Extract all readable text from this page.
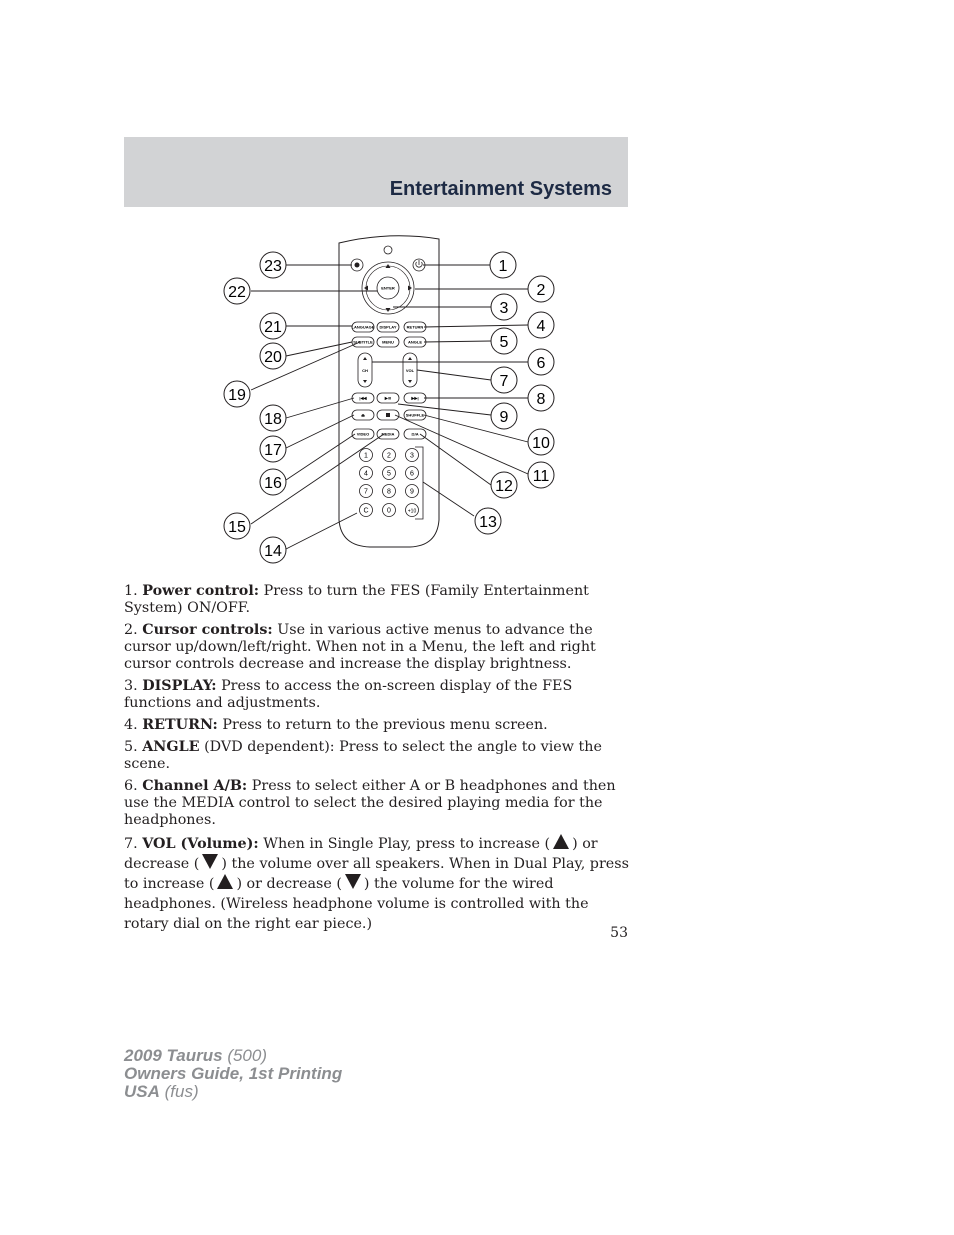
Entertainment Systems
ENTER
LANGUAGE DISPLAY	RETURN
SUBTITLE MENU	ANGLE
CH	VOL
|◀◀	▶/II	▶▶|
⏏	SHUFFLE
VIDEO	MEDIA	Ω/A
1	2	3
4	5	6
7	8	9
C	0	+10
1
2
3
4
5
6
7
8
9
10
11
12
13
14
15
16
17
18
19
20
21
22
23

1. Power control: Press to turn the FES (Family Entertainment System) ON/OFF.

2. Cursor controls: Use in various active menus to advance the cursor up/down/left/right. When not in a Menu, the left and right cursor controls decrease and increase the display brightness.

3. DISPLAY: Press to access the on-screen display of the FES functions and adjustments.

4. RETURN: Press to return to the previous menu screen.

5. ANGLE (DVD dependent): Press to select the angle to view the scene.

6. Channel A/B: Press to select either A or B headphones and then use the MEDIA control to select the desired playing media for the headphones.

7. VOL (Volume): When in Single Play, press to increase ( ) or decrease ( ) the volume over all speakers. When in Dual Play, press to increase ( ) or decrease ( ) the volume for the wired headphones. (Wireless headphone volume is controlled with the rotary dial on the right ear piece.)

53
2009 Taurus (500)
Owners Guide, 1st Printing
USA (fus)
